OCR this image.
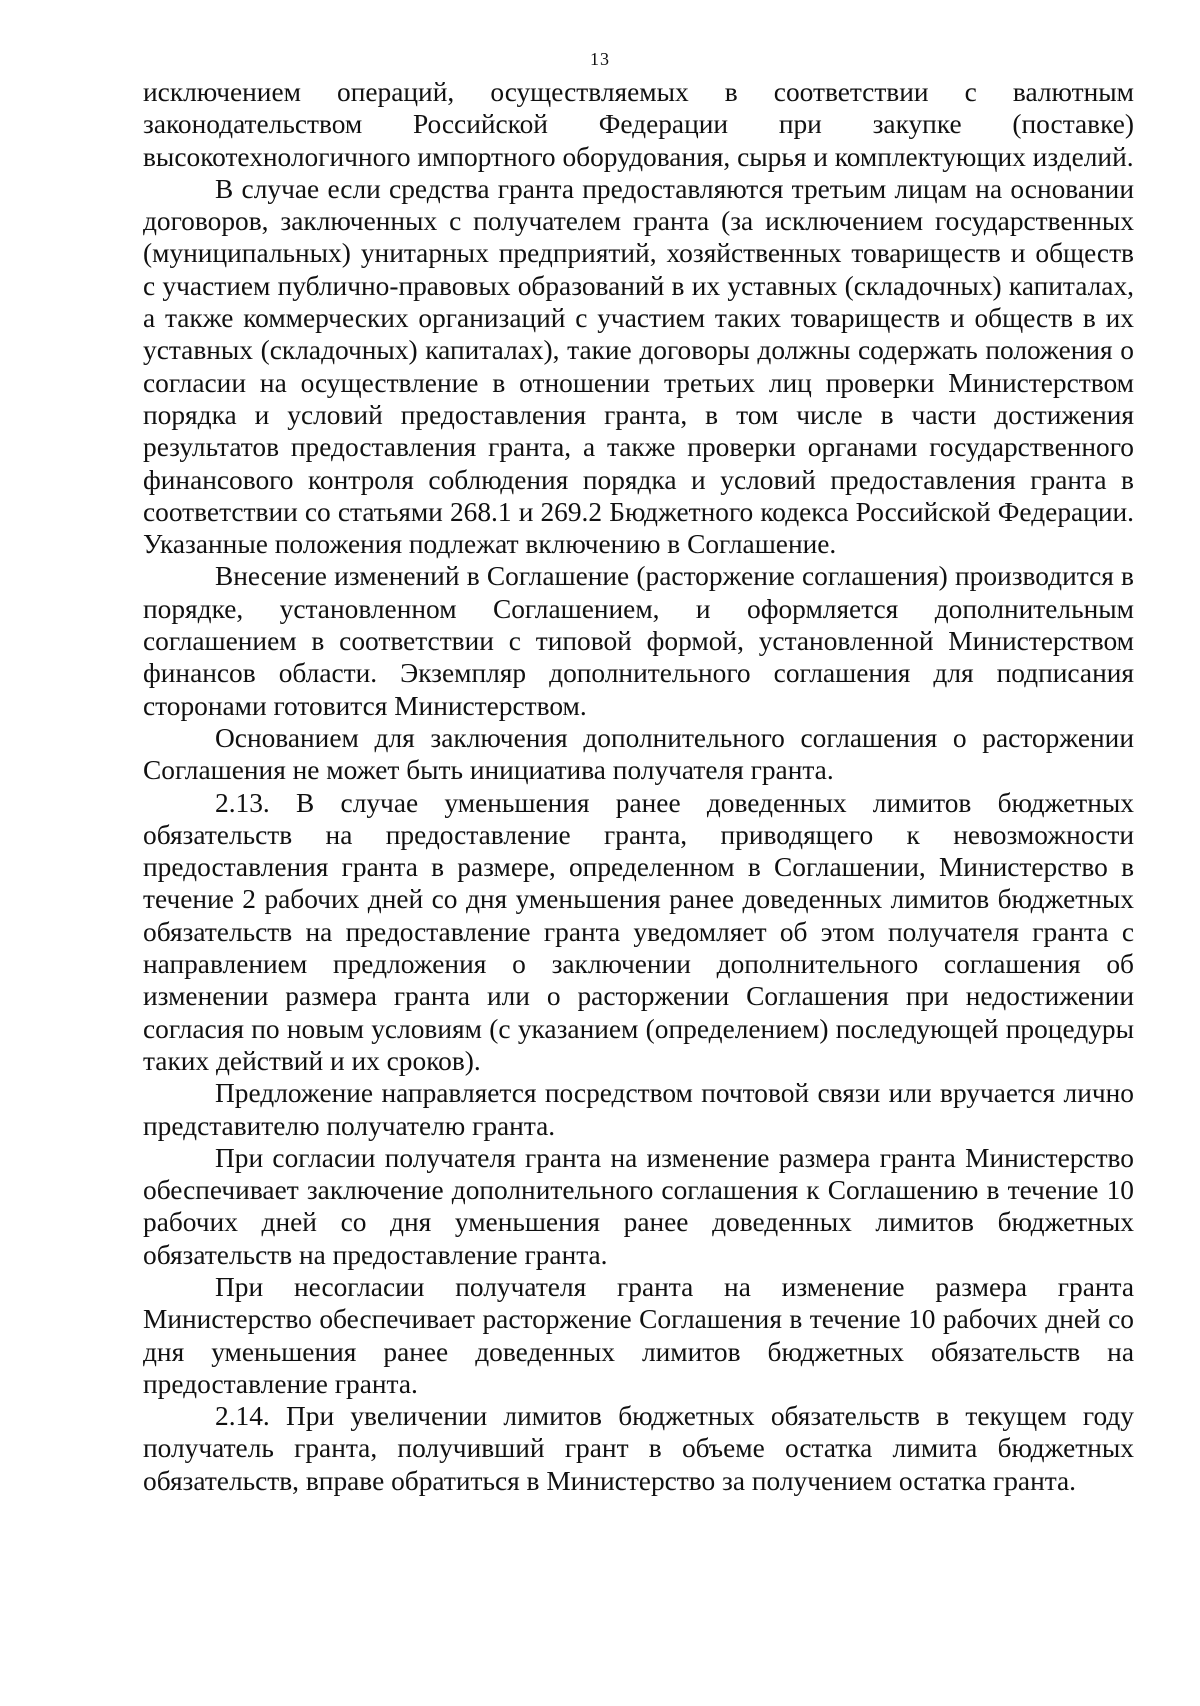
13

исключением операций, осуществляемых в соответствии с валютным законодательством Российской Федерации при закупке (поставке) высокотехнологичного импортного оборудования, сырья и комплектующих изделий.

В случае если средства гранта предоставляются третьим лицам на основании договоров, заключенных с получателем гранта (за исключением государственных (муниципальных) унитарных предприятий, хозяйственных товариществ и обществ с участием публично-правовых образований в их уставных (складочных) капиталах, а также коммерческих организаций с участием таких товариществ и обществ в их уставных (складочных) капиталах), такие договоры должны содержать положения о согласии на осуществление в отношении третьих лиц проверки Министерством порядка и условий предоставления гранта, в том числе в части достижения результатов предоставления гранта, а также проверки органами государственного финансового контроля соблюдения порядка и условий предоставления гранта в соответствии со статьями 268.1 и 269.2 Бюджетного кодекса Российской Федерации. Указанные положения подлежат включению в Соглашение.

Внесение изменений в Соглашение (расторжение соглашения) производится в порядке, установленном Соглашением, и оформляется дополнительным соглашением в соответствии с типовой формой, установленной Министерством финансов области. Экземпляр дополнительного соглашения для подписания сторонами готовится Министерством.

Основанием для заключения дополнительного соглашения о расторжении Соглашения не может быть инициатива получателя гранта.

2.13. В случае уменьшения ранее доведенных лимитов бюджетных обязательств на предоставление гранта, приводящего к невозможности предоставления гранта в размере, определенном в Соглашении, Министерство в течение 2 рабочих дней со дня уменьшения ранее доведенных лимитов бюджетных обязательств на предоставление гранта уведомляет об этом получателя гранта с направлением предложения о заключении дополнительного соглашения об изменении размера гранта или о расторжении Соглашения при недостижении согласия по новым условиям (с указанием (определением) последующей процедуры таких действий и их сроков).

Предложение направляется посредством почтовой связи или вручается лично представителю получателю гранта.

При согласии получателя гранта на изменение размера гранта Министерство обеспечивает заключение дополнительного соглашения к Соглашению в течение 10 рабочих дней со дня уменьшения ранее доведенных лимитов бюджетных обязательств на предоставление гранта.

При несогласии получателя гранта на изменение размера гранта Министерство обеспечивает расторжение Соглашения в течение 10 рабочих дней со дня уменьшения ранее доведенных лимитов бюджетных обязательств на предоставление гранта.

2.14. При увеличении лимитов бюджетных обязательств в текущем году получатель гранта, получивший грант в объеме остатка лимита бюджетных обязательств, вправе обратиться в Министерство за получением остатка гранта.
